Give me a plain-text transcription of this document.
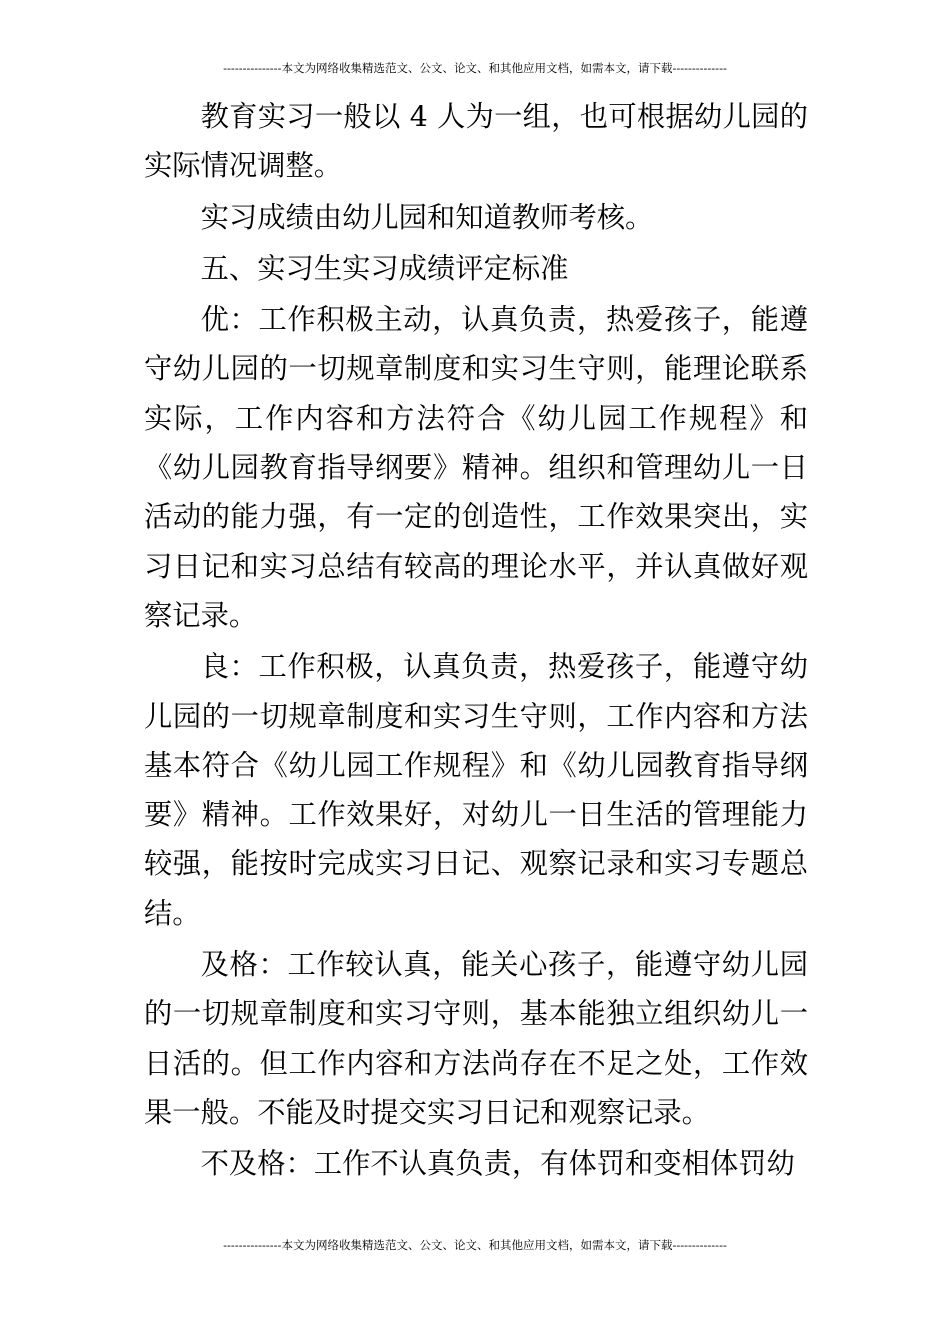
---------------本文为网络收集精选范文、公文、论文、和其他应用文档，如需本文，请下载--------------

教育实习一般以 4 人为一组，也可根据幼儿园的实际情况调整。

实习成绩由幼儿园和知道教师考核。

五、实习生实习成绩评定标准

优：工作积极主动，认真负责，热爱孩子，能遵守幼儿园的一切规章制度和实习生守则，能理论联系实际，工作内容和方法符合《幼儿园工作规程》和《幼儿园教育指导纲要》精神。组织和管理幼儿一日活动的能力强，有一定的创造性，工作效果突出，实习日记和实习总结有较高的理论水平，并认真做好观察记录。

良：工作积极，认真负责，热爱孩子，能遵守幼儿园的一切规章制度和实习生守则，工作内容和方法基本符合《幼儿园工作规程》和《幼儿园教育指导纲要》精神。工作效果好，对幼儿一日生活的管理能力较强，能按时完成实习日记、观察记录和实习专题总结。

及格：工作较认真，能关心孩子，能遵守幼儿园的一切规章制度和实习守则，基本能独立组织幼儿一日活的。但工作内容和方法尚存在不足之处，工作效果一般。不能及时提交实习日记和观察记录。

不及格：工作不认真负责，有体罚和变相体罚幼

---------------本文为网络收集精选范文、公文、论文、和其他应用文档，如需本文，请下载--------------
